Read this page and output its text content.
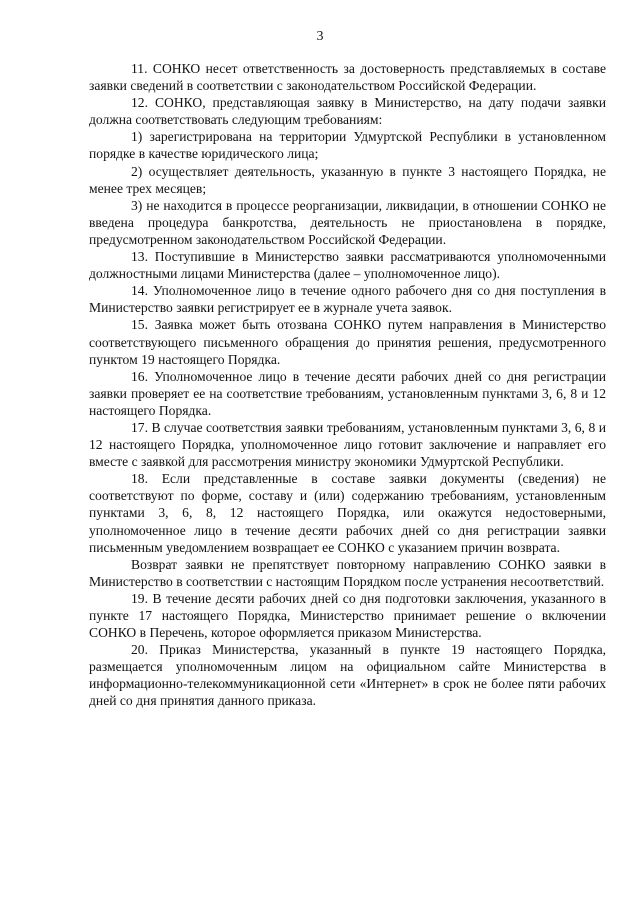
3

11. СОНКО несет ответственность за достоверность представляемых в составе заявки сведений в соответствии с законодательством Российской Федерации.

12. СОНКО, представляющая заявку в Министерство, на дату подачи заявки должна соответствовать следующим требованиям:

1) зарегистрирована на территории Удмуртской Республики в установленном порядке в качестве юридического лица;

2) осуществляет деятельность, указанную в пункте 3 настоящего Порядка, не менее трех месяцев;

3) не находится в процессе реорганизации, ликвидации, в отношении СОНКО не введена процедура банкротства, деятельность не приостановлена в порядке, предусмотренном законодательством Российской Федерации.

13. Поступившие в Министерство заявки рассматриваются уполномоченными должностными лицами Министерства (далее – уполномоченное лицо).

14. Уполномоченное лицо в течение одного рабочего дня со дня поступления в Министерство заявки регистрирует ее в журнале учета заявок.

15. Заявка может быть отозвана СОНКО путем направления в Министерство соответствующего письменного обращения до принятия решения, предусмотренного пунктом 19 настоящего Порядка.

16. Уполномоченное лицо в течение десяти рабочих дней со дня регистрации заявки проверяет ее на соответствие требованиям, установленным пунктами 3, 6, 8 и 12 настоящего Порядка.

17. В случае соответствия заявки требованиям, установленным пунктами 3, 6, 8 и 12 настоящего Порядка, уполномоченное лицо готовит заключение и направляет его вместе с заявкой для рассмотрения министру экономики Удмуртской Республики.

18. Если представленные в составе заявки документы (сведения) не соответствуют по форме, составу и (или) содержанию требованиям, установленным пунктами 3, 6, 8, 12 настоящего Порядка, или окажутся недостоверными, уполномоченное лицо в течение десяти рабочих дней со дня регистрации заявки письменным уведомлением возвращает ее СОНКО с указанием причин возврата.

Возврат заявки не препятствует повторному направлению СОНКО заявки в Министерство в соответствии с настоящим Порядком после устранения несоответствий.

19. В течение десяти рабочих дней со дня подготовки заключения, указанного в пункте 17 настоящего Порядка, Министерство принимает решение о включении СОНКО в Перечень, которое оформляется приказом Министерства.

20. Приказ Министерства, указанный в пункте 19 настоящего Порядка, размещается уполномоченным лицом на официальном сайте Министерства в информационно-телекоммуникационной сети «Интернет» в срок не более пяти рабочих дней со дня принятия данного приказа.
